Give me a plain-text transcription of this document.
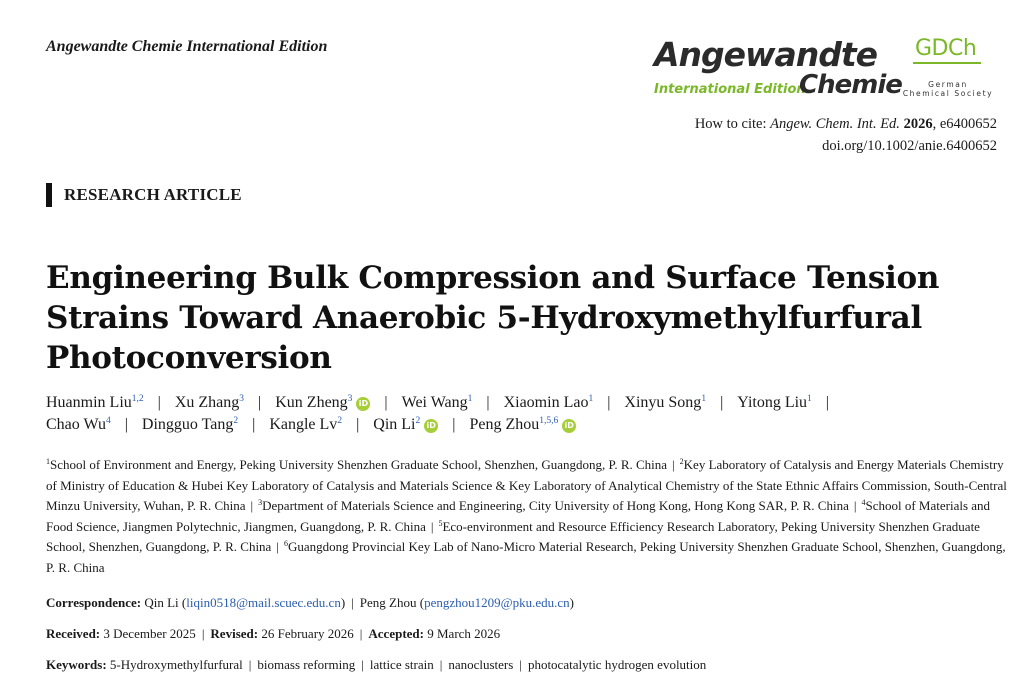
Angewandte Chemie International Edition	Angewandte
International Edition
Chemie
GDCh
German
Chemical Society
How to cite: Angew. Chem. Int. Ed. 2026, e6400652
doi.org/10.1002/anie.6400652
RESEARCH ARTICLE
Engineering Bulk Compression and Surface Tension Strains Toward Anaerobic 5-Hydroxymethylfurfural Photoconversion
Huanmin Liu$^{1,2}$ | Xu Zhang$^3$ | Kun Zheng$^3$ iD | Wei Wang$^1$ | Xiaomin Lao$^1$ | Xinyu Song$^1$ | Yitong Liu$^1$ |
Chao Wu$^4$ | Dingguo Tang$^2$ | Kangle Lv$^2$ | Qin Li$^2$ iD | Peng Zhou$^{1,5,6}$ iD
$^1$School of Environment and Energy, Peking University Shenzhen Graduate School, Shenzhen, Guangdong, P. R. China | $^2$Key Laboratory of Catalysis and Energy Materials Chemistry of Ministry of Education & Hubei Key Laboratory of Catalysis and Materials Science & Key Laboratory of Analytical Chemistry of the State Ethnic Affairs Commission, South-Central Minzu University, Wuhan, P. R. China | $^3$Department of Materials Science and Engineering, City University of Hong Kong, Hong Kong SAR, P. R. China | $^4$School of Materials and Food Science, Jiangmen Polytechnic, Jiangmen, Guangdong, P. R. China | $^5$Eco-environment and Resource Efficiency Research Laboratory, Peking University Shenzhen Graduate School, Shenzhen, Guangdong, P. R. China | $^6$Guangdong Provincial Key Lab of Nano-Micro Material Research, Peking University Shenzhen Graduate School, Shenzhen, Guangdong, P. R. China
Correspondence: Qin Li (liqin0518@mail.scuec.edu.cn) | Peng Zhou (pengzhou1209@pku.edu.cn)
Received: 3 December 2025 | Revised: 26 February 2026 | Accepted: 9 March 2026
Keywords: 5-Hydroxymethylfurfural | biomass reforming | lattice strain | nanoclusters | photocatalytic hydrogen evolution
